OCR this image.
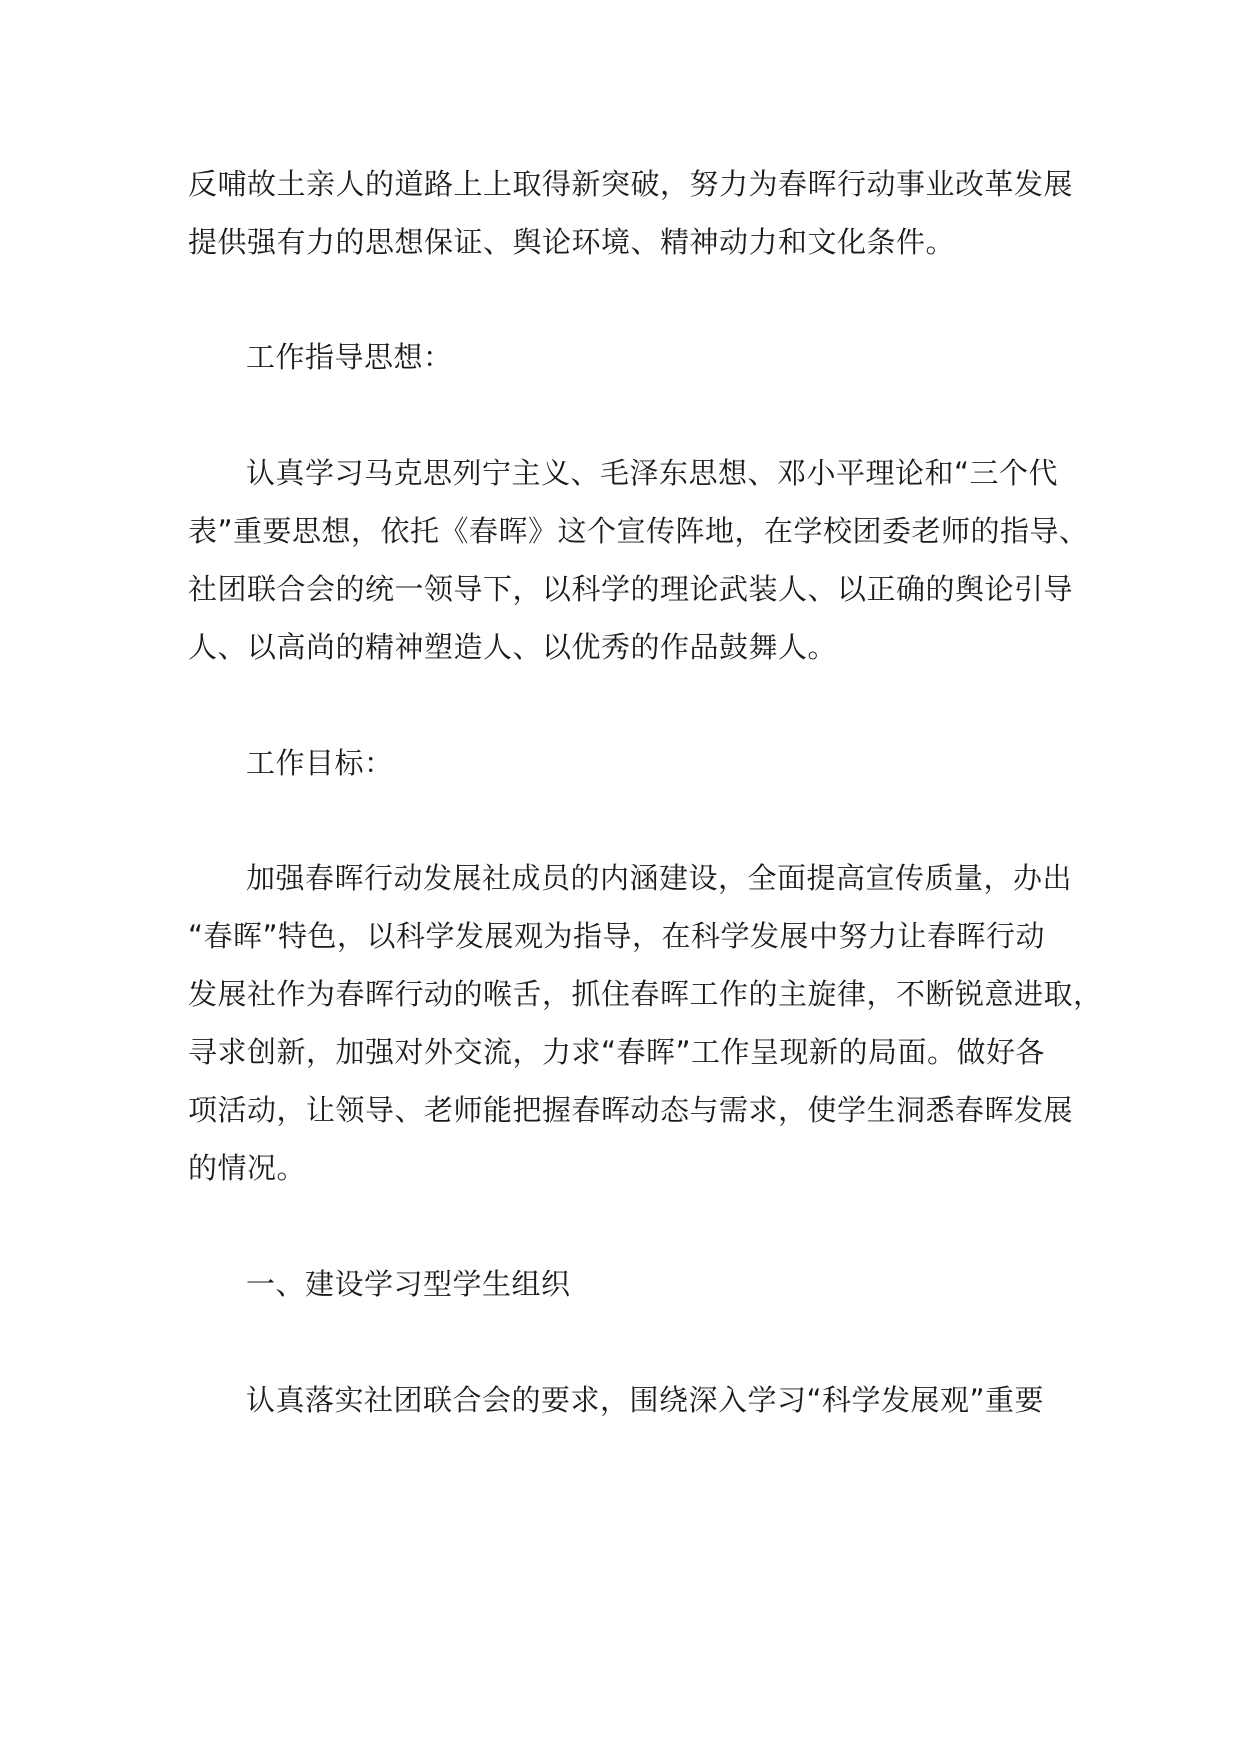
反哺故土亲人的道路上上取得新突破，努力为春晖行动事业改革发展
提供强有力的思想保证、舆论环境、精神动力和文化条件。
工作指导思想：
认真学习马克思列宁主义、毛泽东思想、邓小平理论和“三个代
表”重要思想，依托《春晖》这个宣传阵地，在学校团委老师的指导、
社团联合会的统一领导下，以科学的理论武装人、以正确的舆论引导
人、以高尚的精神塑造人、以优秀的作品鼓舞人。
工作目标：
加强春晖行动发展社成员的内涵建设，全面提高宣传质量，办出
“春晖”特色，以科学发展观为指导，在科学发展中努力让春晖行动
发展社作为春晖行动的喉舌，抓住春晖工作的主旋律，不断锐意进取，
寻求创新，加强对外交流，力求“春晖”工作呈现新的局面。做好各
项活动，让领导、老师能把握春晖动态与需求，使学生洞悉春晖发展
的情况。
一、建设学习型学生组织
认真落实社团联合会的要求，围绕深入学习“科学发展观”重要
